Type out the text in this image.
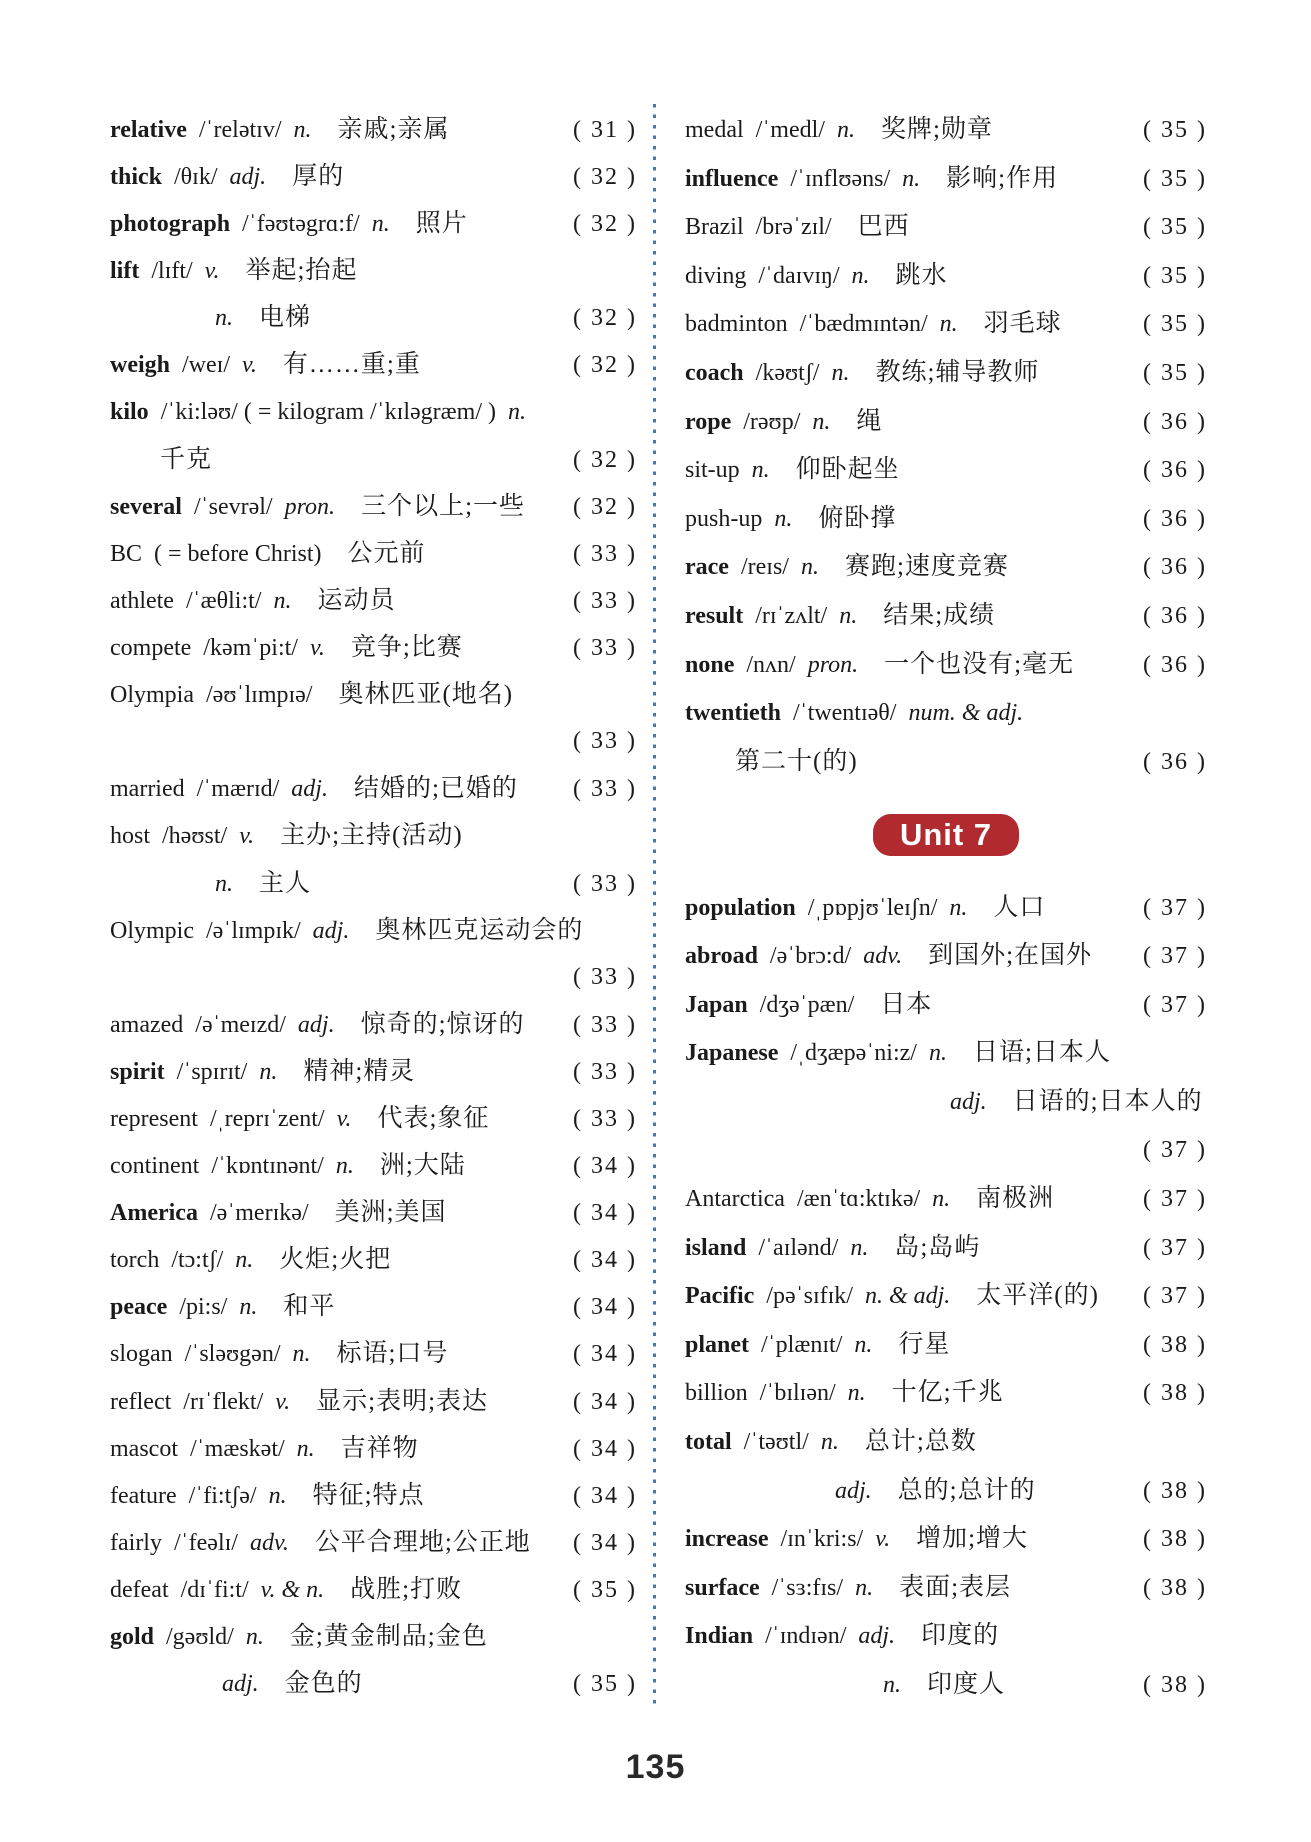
relative /ˈrelətɪv/ n. 亲戚;亲属	( 31 )
thick /θɪk/ adj. 厚的	( 32 )
photograph /ˈfəʊtəgrɑ:f/ n. 照片	( 32 )
lift /lɪft/ v. 举起;抬起
n. 电梯	( 32 )
weigh /weɪ/ v. 有……重;重	( 32 )
kilo /ˈki:ləʊ/ ( = kilogram /ˈkɪləgræm/ ) n.
千克	( 32 )
several /ˈsevrəl/ pron. 三个以上;一些 ( 32 )
BC ( = before Christ) 公元前	( 33 )
athlete /ˈæθli:t/ n. 运动员	( 33 )
compete /kəmˈpi:t/ v. 竞争;比赛	( 33 )
Olympia /əʊˈlɪmpɪə/ 奥林匹亚(地名)
( 33 )
married /ˈmærɪd/ adj. 结婚的;已婚的 ( 33 )
host /həʊst/ v. 主办;主持(活动)
n. 主人	( 33 )
Olympic /əˈlɪmpɪk/ adj. 奥林匹克运动会的
( 33 )
amazed /əˈmeɪzd/ adj. 惊奇的;惊讶的 ( 33 )
spirit /ˈspɪrɪt/ n. 精神;精灵	( 33 )
represent /ˌreprɪˈzent/ v. 代表;象征	( 33 )
continent /ˈkɒntɪnənt/ n. 洲;大陆	( 34 )
America /əˈmerɪkə/ 美洲;美国	( 34 )
torch /tɔ:tʃ/ n. 火炬;火把	( 34 )
peace /pi:s/ n. 和平	( 34 )
slogan /ˈsləʊgən/ n. 标语;口号	( 34 )
reflect /rɪˈflekt/ v. 显示;表明;表达	( 34 )
mascot /ˈmæskət/ n. 吉祥物	( 34 )
feature /ˈfi:tʃə/ n. 特征;特点	( 34 )
fairly /ˈfeəlɪ/ adv. 公平合理地;公正地 ( 34 )
defeat /dɪˈfi:t/ v. & n. 战胜;打败	( 35 )
gold /gəʊld/ n. 金;黄金制品;金色
adj. 金色的	( 35 )
medal /ˈmedl/ n. 奖牌;勋章	( 35 )
influence /ˈɪnflʊəns/ n. 影响;作用	( 35 )
Brazil /brəˈzɪl/ 巴西	( 35 )
diving /ˈdaɪvɪŋ/ n. 跳水	( 35 )
badminton /ˈbædmɪntən/ n. 羽毛球	( 35 )
coach /kəʊtʃ/ n. 教练;辅导教师	( 35 )
rope /rəʊp/ n. 绳	( 36 )
sit-up n. 仰卧起坐	( 36 )
push-up n. 俯卧撑	( 36 )
race /reɪs/ n. 赛跑;速度竞赛	( 36 )
result /rɪˈzʌlt/ n. 结果;成绩	( 36 )
none /nʌn/ pron. 一个也没有;毫无	( 36 )
twentieth /ˈtwentɪəθ/ num. & adj.
第二十(的)	( 36 )
Unit 7
population /ˌpɒpjʊˈleɪʃn/ n. 人口	( 37 )
abroad /əˈbrɔ:d/ adv. 到国外;在国外 ( 37 )
Japan /dʒəˈpæn/ 日本	( 37 )
Japanese /ˌdʒæpəˈni:z/ n. 日语;日本人
adj. 日语的;日本人的
( 37 )
Antarctica /ænˈtɑ:ktɪkə/ n. 南极洲	( 37 )
island /ˈaɪlənd/ n. 岛;岛屿	( 37 )
Pacific /pəˈsɪfɪk/ n. & adj. 太平洋(的) ( 37 )
planet /ˈplænɪt/ n. 行星	( 38 )
billion /ˈbɪlɪən/ n. 十亿;千兆	( 38 )
total /ˈtəʊtl/ n. 总计;总数
adj. 总的;总计的	( 38 )
increase /ɪnˈkri:s/ v. 增加;增大	( 38 )
surface /ˈsɜ:fɪs/ n. 表面;表层	( 38 )
Indian /ˈɪndɪən/ adj. 印度的
n. 印度人	( 38 )
135
